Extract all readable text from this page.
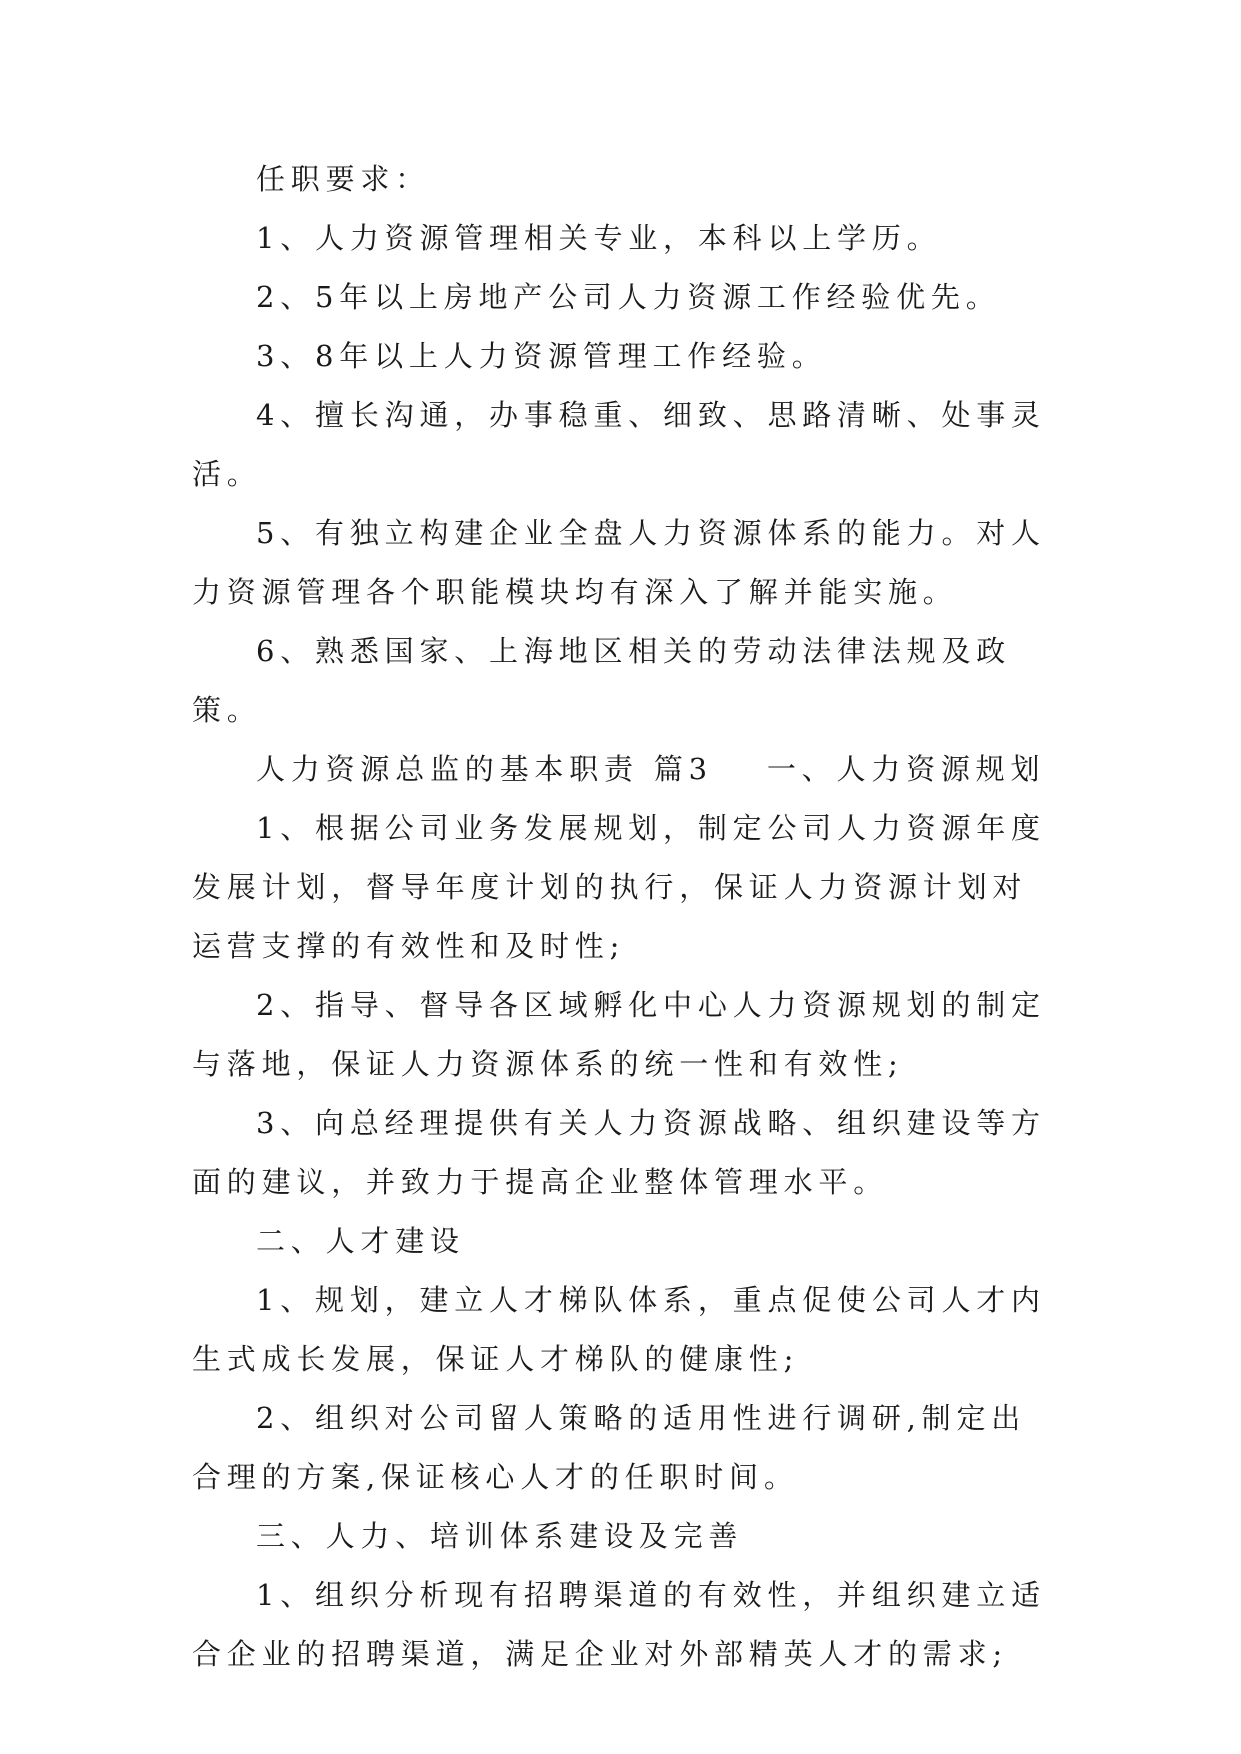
任职要求：

1、人力资源管理相关专业，本科以上学历。

2、5年以上房地产公司人力资源工作经验优先。

3、8年以上人力资源管理工作经验。

4、擅长沟通，办事稳重、细致、思路清晰、处事灵活。

5、有独立构建企业全盘人力资源体系的能力。对人力资源管理各个职能模块均有深入了解并能实施。

6、熟悉国家、上海地区相关的劳动法律法规及政策。

人力资源总监的基本职责 篇3 一、人力资源规划

1、根据公司业务发展规划，制定公司人力资源年度发展计划，督导年度计划的执行，保证人力资源计划对运营支撑的有效性和及时性;

2、指导、督导各区域孵化中心人力资源规划的制定与落地，保证人力资源体系的统一性和有效性;

3、向总经理提供有关人力资源战略、组织建设等方面的建议，并致力于提高企业整体管理水平。

二、人才建设

1、规划，建立人才梯队体系，重点促使公司人才内生式成长发展，保证人才梯队的健康性;

2、组织对公司留人策略的适用性进行调研,制定出合理的方案,保证核心人才的任职时间。

三、人力、培训体系建设及完善

1、组织分析现有招聘渠道的有效性，并组织建立适合企业的招聘渠道，满足企业对外部精英人才的需求;
